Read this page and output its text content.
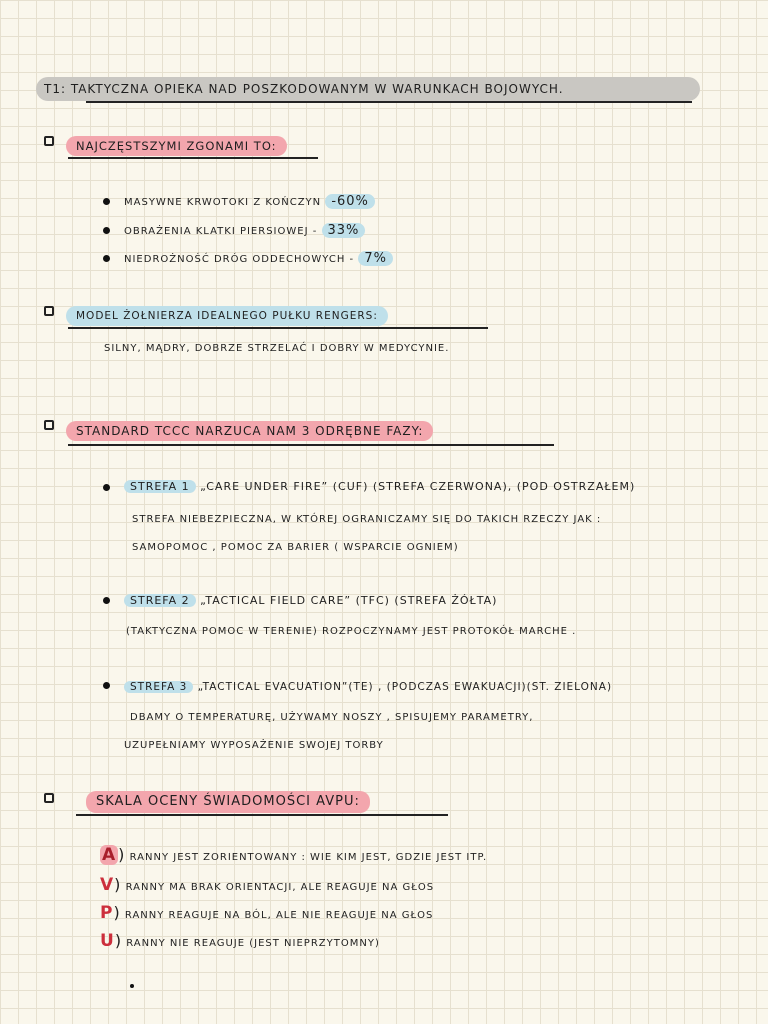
T1: TAKTYCZNA OPIEKA NAD POSZKODOWANYM W WARUNKACH BOJOWYCH.
NAJCZĘSTSZYMI ZGONAMI TO:
MASYWNE KRWOTOKI Z KOŃCZYN -60%
OBRAŻENIA KLATKI PIERSIOWEJ - 33%
NIEDROŻNOŚĆ DRÓG ODDECHOWYCH - 7%
MODEL ŻOŁNIERZA IDEALNEGO PUŁKU RENGERS:
SILNY, MĄDRY, DOBRZE STRZELAĆ I DOBRY W MEDYCYNIE.
STANDARD TCCC NARZUCA NAM 3 ODRĘBNE FAZY:
STREFA 1 „CARE UNDER FIRE” (CUF) (STREFA CZERWONA), (POD OSTRZAŁEM)
STREFA NIEBEZPIECZNA, W KTÓREJ OGRANICZAMY SIĘ DO TAKICH RZECZY JAK :
SAMOPOMOC , POMOC ZA BARIER ( WSPARCIE OGNIEM)
STREFA 2 „TACTICAL FIELD CARE” (TFC) (STREFA ŻÓŁTA)
(TAKTYCZNA POMOC W TERENIE) ROZPOCZYNAMY JEST PROTOKÓŁ MARCHE .
STREFA 3 „TACTICAL EVACUATION”(TE) , (PODCZAS EWAKUACJI)(ST. ZIELONA)
DBAMY O TEMPERATURĘ, UŻYWAMY NOSZY , SPISUJEMY PARAMETRY,
UZUPEŁNIAMY WYPOSAŻENIE SWOJEJ TORBY
SKALA OCENY ŚWIADOMOŚCI AVPU:
A ) RANNY JEST ZORIENTOWANY : WIE KIM JEST, GDZIE JEST ITP.
V) RANNY MA BRAK ORIENTACJI, ALE REAGUJE NA GŁOS
P) RANNY REAGUJE NA BÓL, ALE NIE REAGUJE NA GŁOS
U) RANNY NIE REAGUJE (JEST NIEPRZYTOMNY)
